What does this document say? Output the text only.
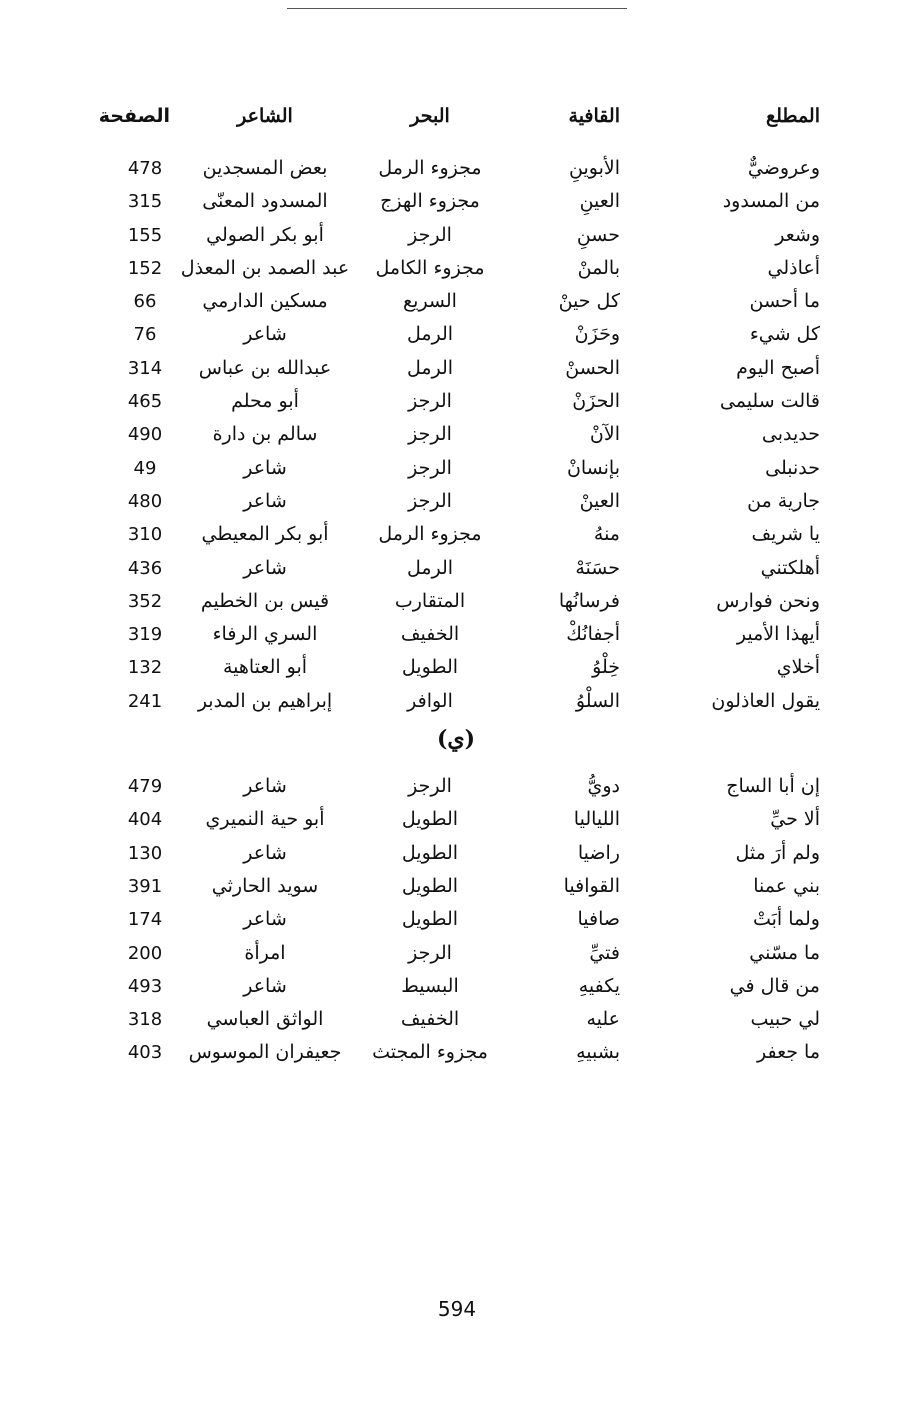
المطلع
القافية
البحر
الشاعر
الصفحة
وعروضيٌّ
الأبوينِ
مجزوء الرمل
بعض المسجدين
478
من المسدود
العينِ
مجزوء الهزج
المسدود المعنّى
315
وشعر
حسنِ
الرجز
أبو بكر الصولي
155
أعاذلي
بالمنْ
مجزوء الكامل
عبد الصمد بن المعذل
152
ما أحسن
كل حينْ
السريع
مسكين الدارمي
66
كل شيء
وحَزَنْ
الرمل
شاعر
76
أصبح اليوم
الحسنْ
الرمل
عبدالله بن عباس
314
قالت سليمى
الحزَنْ
الرجز
أبو محلم
465
حديدبى
الآنْ
الرجز
سالم بن دارة
490
حدنبلى
بإنسانْ
الرجز
شاعر
49
جارية من
العينْ
الرجز
شاعر
480
يا شريف
منهُ
مجزوء الرمل
أبو بكر المعيطي
310
أهلكتني
حسَنَهْ
الرمل
شاعر
436
ونحن فوارس
فرسانُها
المتقارب
قيس بن الخطيم
352
أيهذا الأمير
أجفانُكْ
الخفيف
السري الرفاء
319
أخلاي
خِلْوُ
الطويل
أبو العتاهية
132
يقول العاذلون
السلْوُ
الوافر
إبراهيم بن المدبر
241
(ي)
إن أبا الساج
دويُّ
الرجز
شاعر
479
ألا حيِّ
اللياليا
الطويل
أبو حية النميري
404
ولم أرَ مثل
راضيا
الطويل
شاعر
130
بني عمنا
القوافيا
الطويل
سويد الحارثي
391
ولما أبَتْ
صافيا
الطويل
شاعر
174
ما مسّني
فتيِّ
الرجز
امرأة
200
من قال في
يكفيهِ
البسيط
شاعر
493
لي حبيب
عليه
الخفيف
الواثق العباسي
318
ما جعفر
بشبيهِ
مجزوء المجتث
جعيفران الموسوس
403
594
